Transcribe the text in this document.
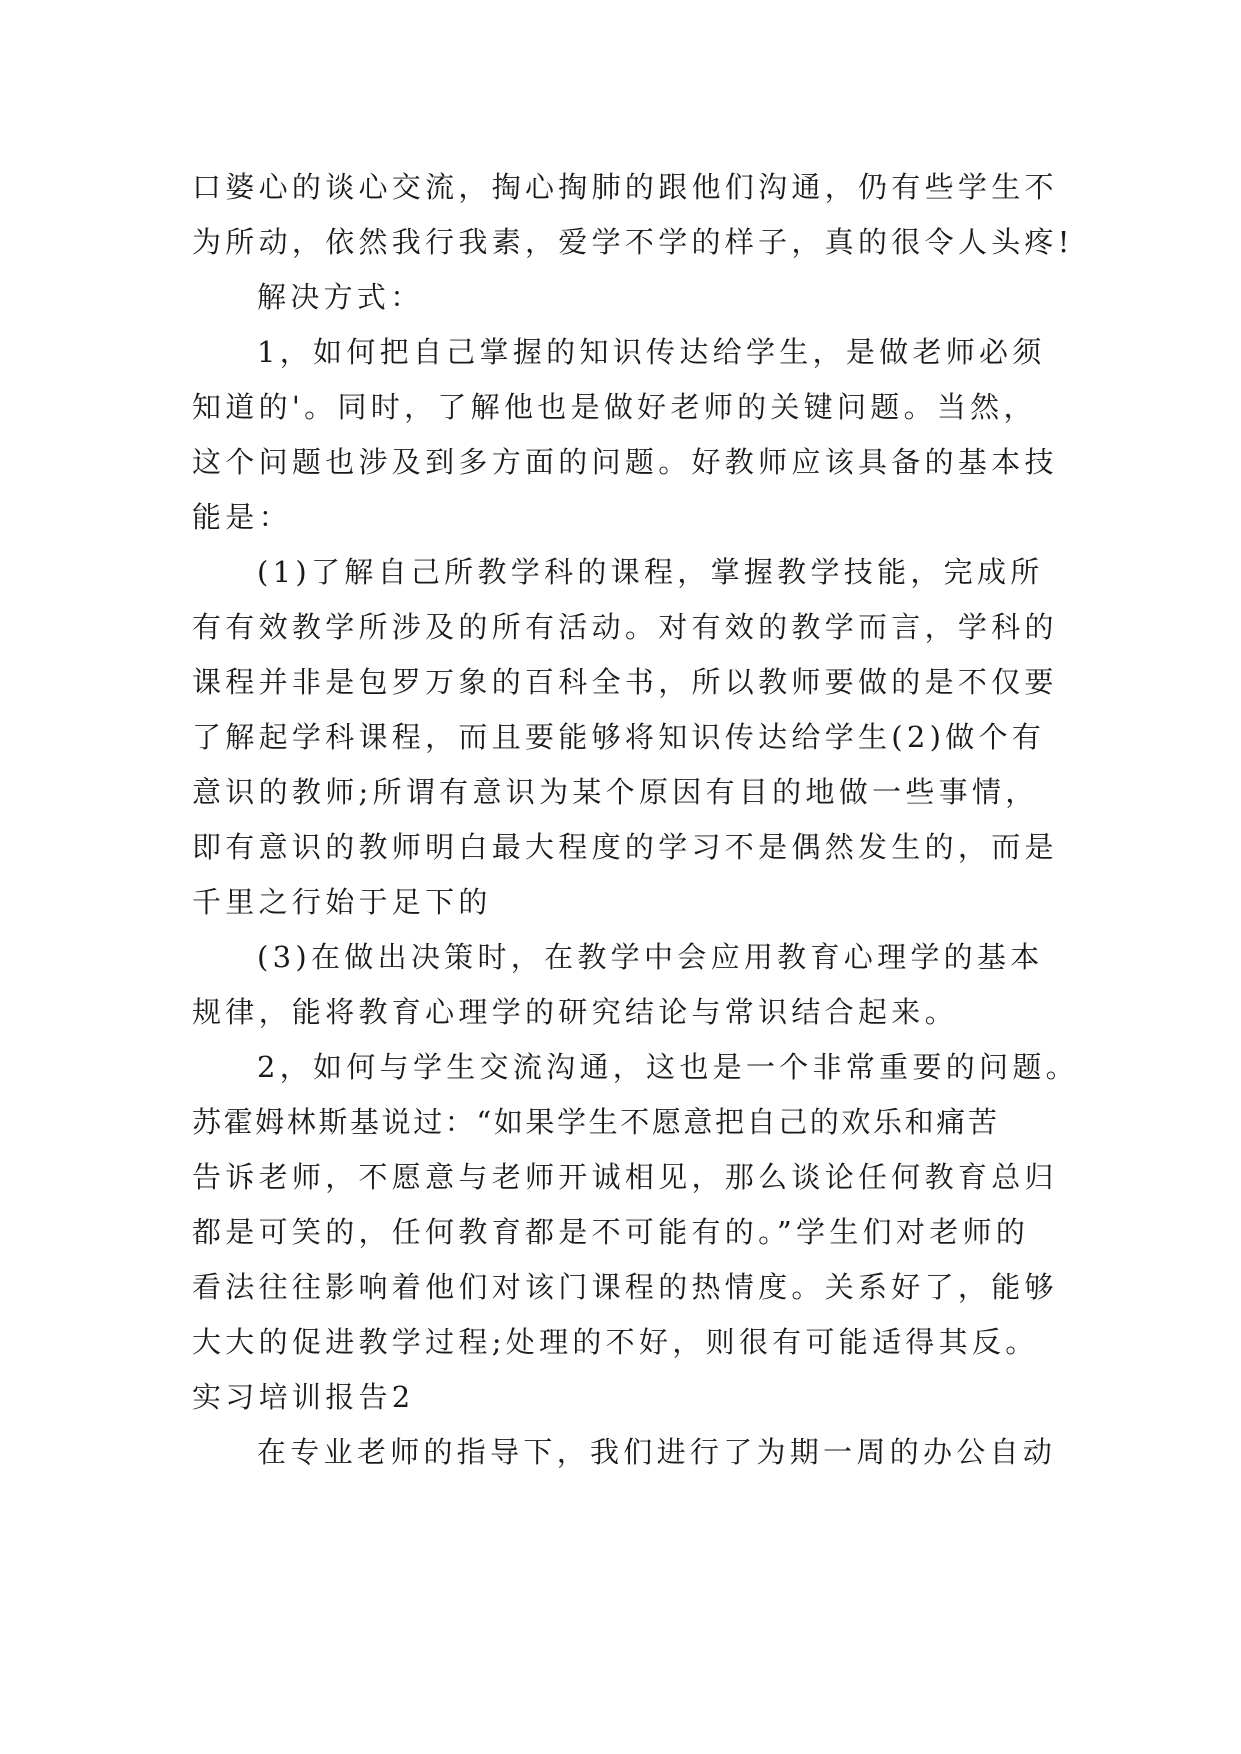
口婆心的谈心交流，掏心掏肺的跟他们沟通，仍有些学生不
为所动，依然我行我素，爱学不学的样子，真的很令人头疼!
解决方式：
1，如何把自己掌握的知识传达给学生，是做老师必须
知道的'。同时，了解他也是做好老师的关键问题。当然，
这个问题也涉及到多方面的问题。好教师应该具备的基本技
能是：
(1)了解自己所教学科的课程，掌握教学技能，完成所
有有效教学所涉及的所有活动。对有效的教学而言，学科的
课程并非是包罗万象的百科全书，所以教师要做的是不仅要
了解起学科课程，而且要能够将知识传达给学生(2)做个有
意识的教师;所谓有意识为某个原因有目的地做一些事情，
即有意识的教师明白最大程度的学习不是偶然发生的，而是
千里之行始于足下的
(3)在做出决策时，在教学中会应用教育心理学的基本
规律，能将教育心理学的研究结论与常识结合起来。
2，如何与学生交流沟通，这也是一个非常重要的问题。
苏霍姆林斯基说过：“如果学生不愿意把自己的欢乐和痛苦
告诉老师，不愿意与老师开诚相见，那么谈论任何教育总归
都是可笑的，任何教育都是不可能有的。”学生们对老师的
看法往往影响着他们对该门课程的热情度。关系好了，能够
大大的促进教学过程;处理的不好，则很有可能适得其反。
实习培训报告2
在专业老师的指导下，我们进行了为期一周的办公自动
